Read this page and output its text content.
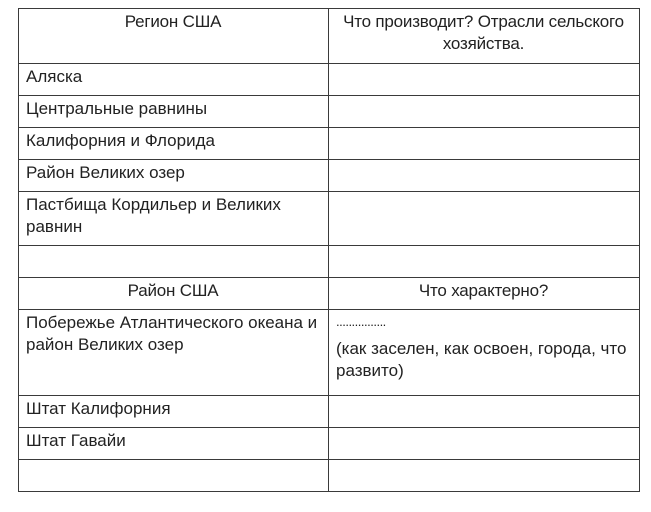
Регион США	Что производит? Отрасли сельского хозяйства.
Аляска	
Центральные равнины	
Калифорния и Флорида	
Район Великих озер	
Пастбища Кордильер и Великих равнин	

Район США	Что характерно?
Побережье Атлантического океана и район Великих озер	................
(как заселен, как освоен, города, что развито)

Штат Калифорния	
Штат Гавайи	
